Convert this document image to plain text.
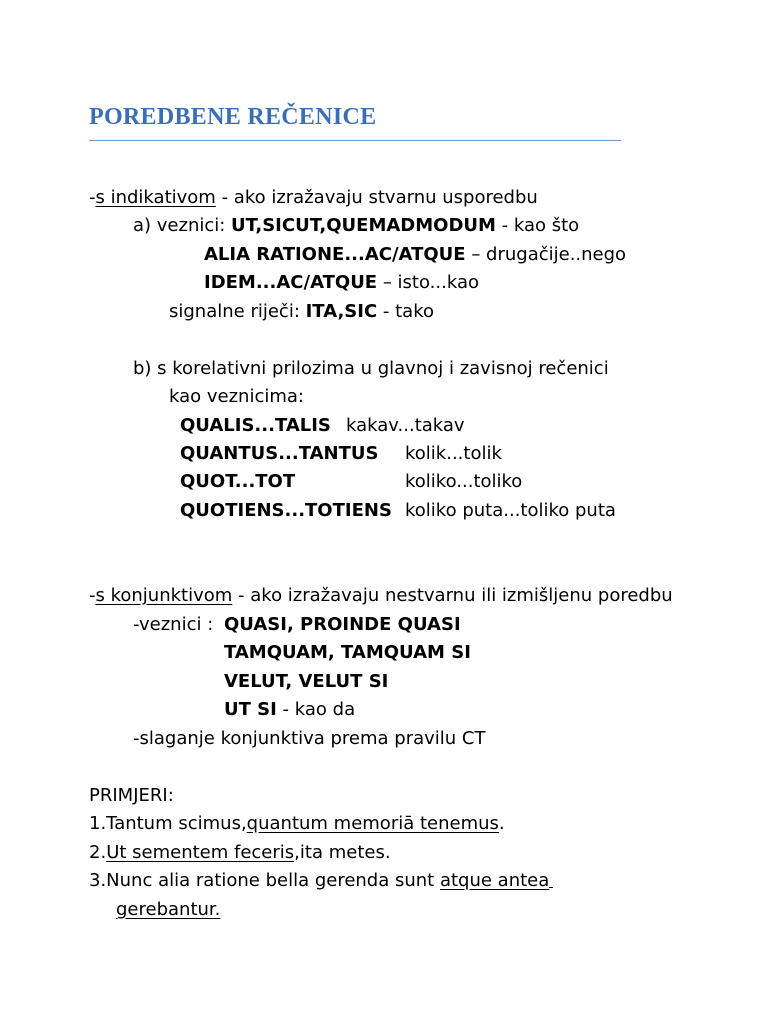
POREDBENE REČENICE
-s indikativom - ako izražavaju stvarnu usporedbu
a) veznici: UT,SICUT,QUEMADMODUM - kao što
ALIA RATIONE...AC/ATQUE – drugačije..nego
IDEM...AC/ATQUE – isto...kao
signalne riječi: ITA,SIC - tako
b) s korelativni prilozima u glavnoj i zavisnoj rečenici
kao veznicima:
QUALIS...TALIS kakav...takav
QUANTUS...TANTUS kolik...tolik
QUOT...TOT	koliko...toliko
QUOTIENS...TOTIENS koliko puta...toliko puta
-s konjunktivom - ako izražavaju nestvarnu ili izmišljenu poredbu
-veznici : QUASI, PROINDE QUASI
TAMQUAM, TAMQUAM SI
VELUT, VELUT SI
UT SI - kao da
-slaganje konjunktiva prema pravilu CT
PRIMJERI:
1.Tantum scimus,quantum memoriā tenemus.
2.Ut sementem feceris,ita metes.
3.Nunc alia ratione bella gerenda sunt atque antea
gerebantur.
